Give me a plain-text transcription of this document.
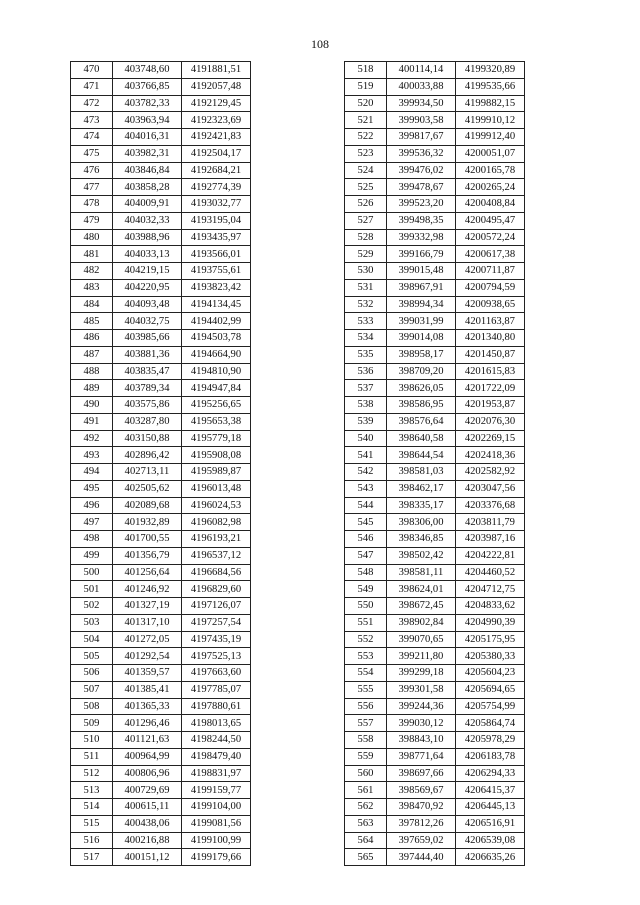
108
470	403748,60	4191881,51
471	403766,85	4192057,48
472	403782,33	4192129,45
473	403963,94	4192323,69
474	404016,31	4192421,83
475	403982,31	4192504,17
476	403846,84	4192684,21
477	403858,28	4192774,39
478	404009,91	4193032,77
479	404032,33	4193195,04
480	403988,96	4193435,97
481	404033,13	4193566,01
482	404219,15	4193755,61
483	404220,95	4193823,42
484	404093,48	4194134,45
485	404032,75	4194402,99
486	403985,66	4194503,78
487	403881,36	4194664,90
488	403835,47	4194810,90
489	403789,34	4194947,84
490	403575,86	4195256,65
491	403287,80	4195653,38
492	403150,88	4195779,18
493	402896,42	4195908,08
494	402713,11	4195989,87
495	402505,62	4196013,48
496	402089,68	4196024,53
497	401932,89	4196082,98
498	401700,55	4196193,21
499	401356,79	4196537,12
500	401256,64	4196684,56
501	401246,92	4196829,60
502	401327,19	4197126,07
503	401317,10	4197257,54
504	401272,05	4197435,19
505	401292,54	4197525,13
506	401359,57	4197663,60
507	401385,41	4197785,07
508	401365,33	4197880,61
509	401296,46	4198013,65
510	401121,63	4198244,50
511	400964,99	4198479,40
512	400806,96	4198831,97
513	400729,69	4199159,77
514	400615,11	4199104,00
515	400438,06	4199081,56
516	400216,88	4199100,99
517	400151,12	4199179,66
518	400114,14	4199320,89
519	400033,88	4199535,66
520	399934,50	4199882,15
521	399903,58	4199910,12
522	399817,67	4199912,40
523	399536,32	4200051,07
524	399476,02	4200165,78
525	399478,67	4200265,24
526	399523,20	4200408,84
527	399498,35	4200495,47
528	399332,98	4200572,24
529	399166,79	4200617,38
530	399015,48	4200711,87
531	398967,91	4200794,59
532	398994,34	4200938,65
533	399031,99	4201163,87
534	399014,08	4201340,80
535	398958,17	4201450,87
536	398709,20	4201615,83
537	398626,05	4201722,09
538	398586,95	4201953,87
539	398576,64	4202076,30
540	398640,58	4202269,15
541	398644,54	4202418,36
542	398581,03	4202582,92
543	398462,17	4203047,56
544	398335,17	4203376,68
545	398306,00	4203811,79
546	398346,85	4203987,16
547	398502,42	4204222,81
548	398581,11	4204460,52
549	398624,01	4204712,75
550	398672,45	4204833,62
551	398902,84	4204990,39
552	399070,65	4205175,95
553	399211,80	4205380,33
554	399299,18	4205604,23
555	399301,58	4205694,65
556	399244,36	4205754,99
557	399030,12	4205864,74
558	398843,10	4205978,29
559	398771,64	4206183,78
560	398697,66	4206294,33
561	398569,67	4206415,37
562	398470,92	4206445,13
563	397812,26	4206516,91
564	397659,02	4206539,08
565	397444,40	4206635,26
